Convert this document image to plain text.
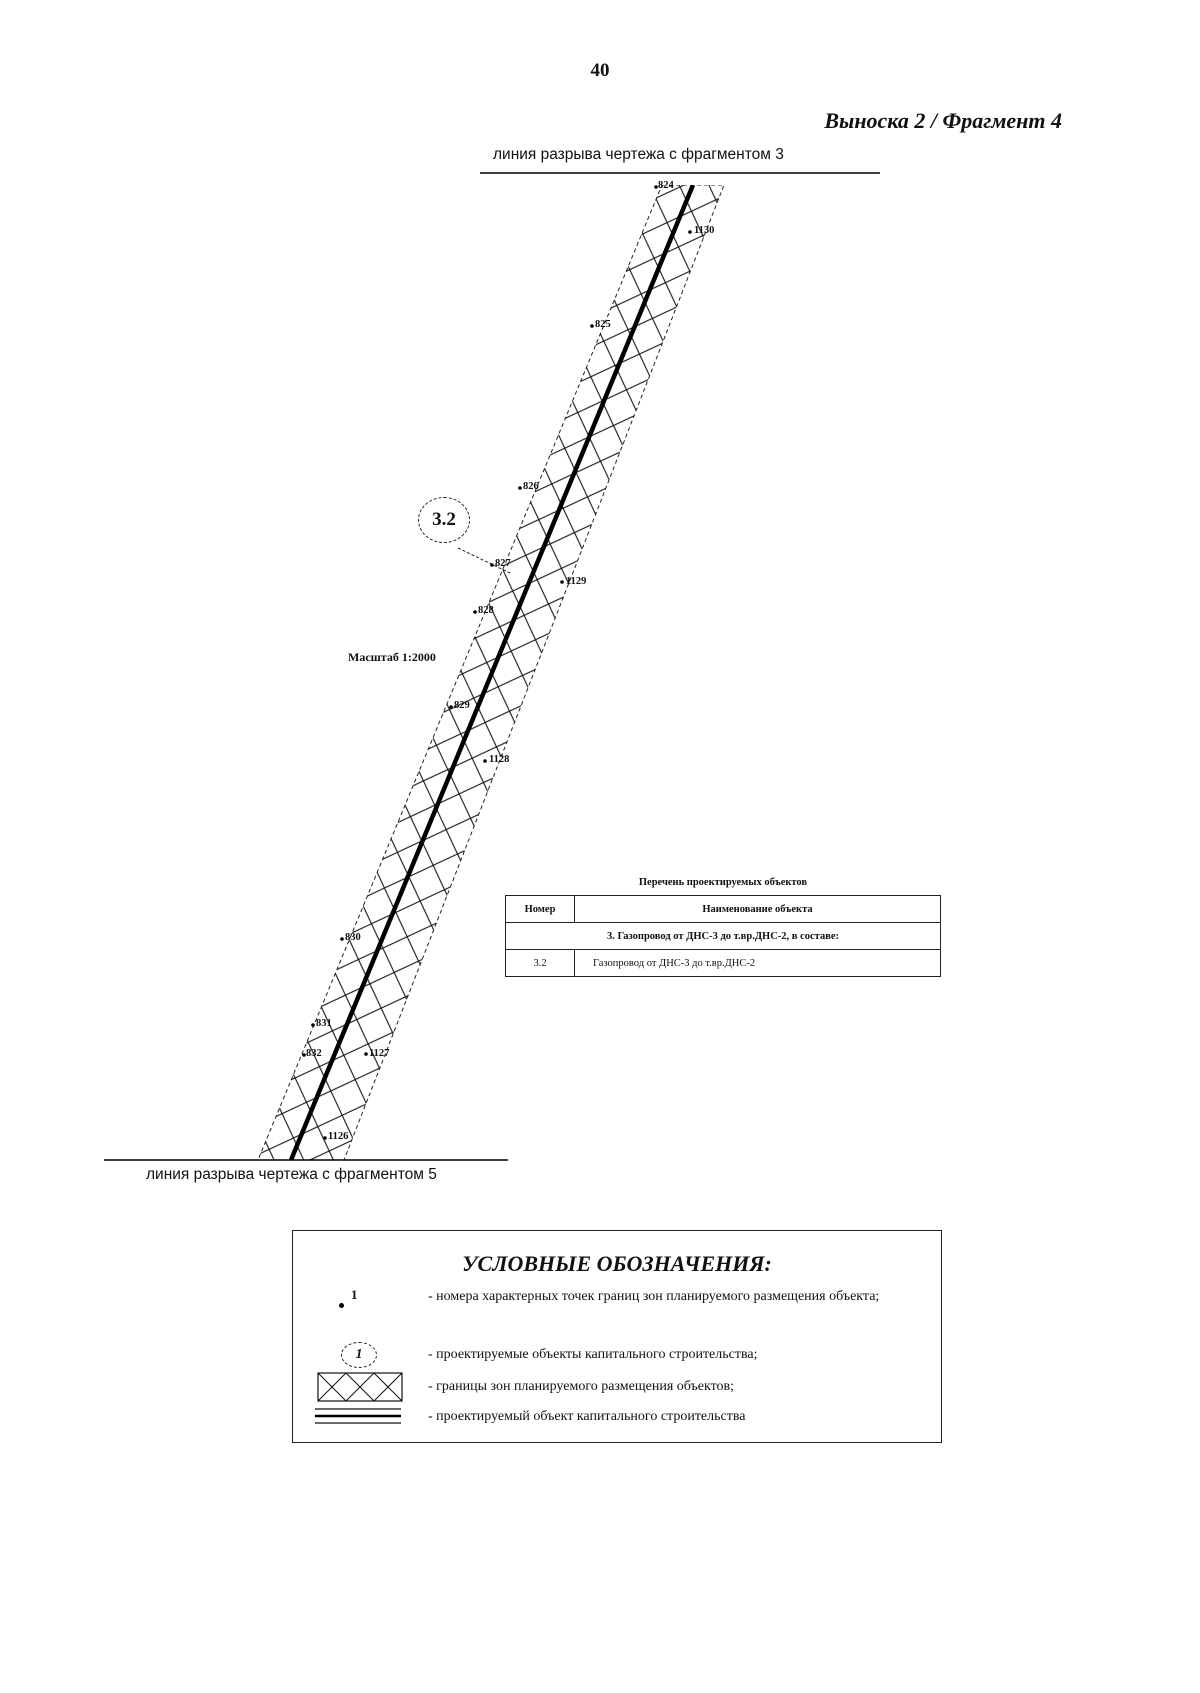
40
Выноска 2 / Фрагмент 4
линия разрыва чертежа с фрагментом 3
линия разрыва чертежа с фрагментом 5
Масштаб 1:2000
3.2
824
1130
825
826
827
1129
828
829
1128
830
831
1127
832
1126
Перечень проектируемых объектов
Номер	Наименование объекта
3. Газопровод от ДНС-3 до т.вр.ДНС-2, в составе:	
3.2	Газопровод от ДНС-3 до т.вр.ДНС-2
УСЛОВНЫЕ ОБОЗНАЧЕНИЯ:
1	- номера характерных точек границ зон планируемого размещения объекта;
1	- проектируемые объекты капитального строительства;
- границы зон планируемого размещения объектов;
- проектируемый объект капитального строительства
